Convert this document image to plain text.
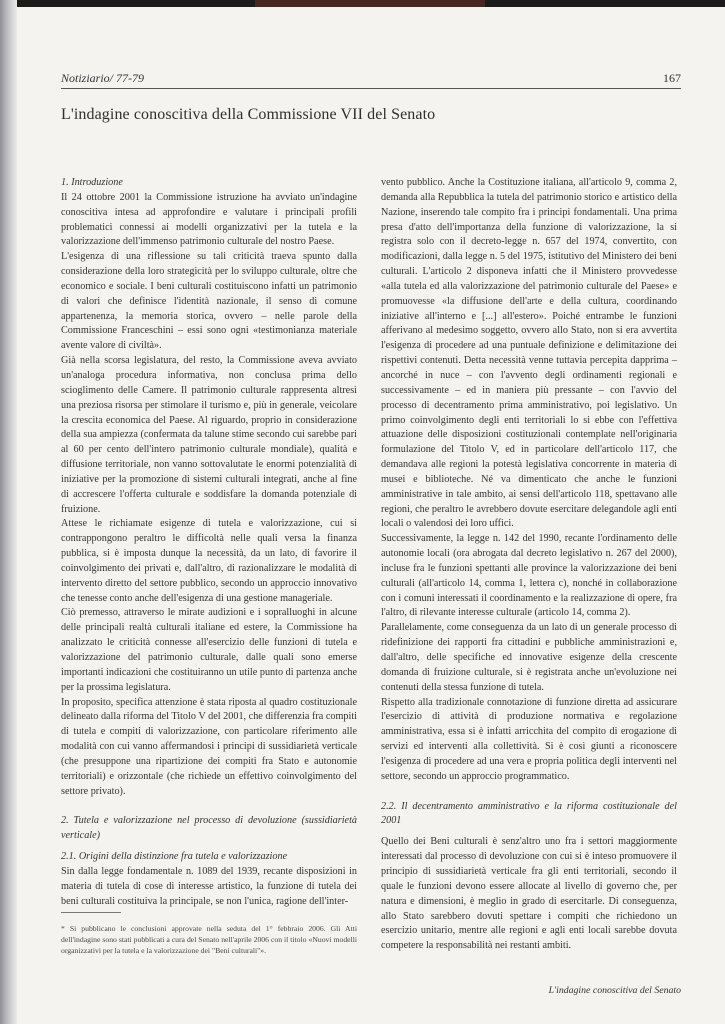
Notiziario/ 77-79	167
L'indagine conoscitiva della Commissione VII del Senato

1. Introduzione

Il 24 ottobre 2001 la Commissione istruzione ha avviato un'indagine conoscitiva intesa ad approfondire e valutare i principali profili problematici connessi ai modelli organizzativi per la tutela e la valorizzazione dell'immenso patrimonio culturale del nostro Paese.

L'esigenza di una riflessione su tali criticità traeva spunto dalla considerazione della loro strategicità per lo sviluppo culturale, oltre che economico e sociale. I beni culturali costituiscono infatti un patrimonio di valori che definisce l'identità nazionale, il senso di comune appartenenza, la memoria storica, ovvero – nelle parole della Commissione Franceschini – essi sono ogni «testimonianza materiale avente valore di civiltà».

Già nella scorsa legislatura, del resto, la Commissione aveva avviato un'analoga procedura informativa, non conclusa prima dello scioglimento delle Camere. Il patrimonio culturale rappresenta altresì una preziosa risorsa per stimolare il turismo e, più in generale, veicolare la crescita economica del Paese. Al riguardo, proprio in considerazione della sua ampiezza (confermata da talune stime secondo cui sarebbe pari al 60 per cento dell'intero patrimonio culturale mondiale), qualità e diffusione territoriale, non vanno sottovalutate le enormi potenzialità di iniziative per la promozione di sistemi culturali integrati, anche al fine di accrescere l'offerta culturale e soddisfare la domanda potenziale di fruizione.

Attese le richiamate esigenze di tutela e valorizzazione, cui si contrappongono peraltro le difficoltà nelle quali versa la finanza pubblica, si è imposta dunque la necessità, da un lato, di favorire il coinvolgimento dei privati e, dall'altro, di razionalizzare le modalità di intervento diretto del settore pubblico, secondo un approccio innovativo che tenesse conto anche dell'esigenza di una gestione manageriale.

Ciò premesso, attraverso le mirate audizioni e i sopralluoghi in alcune delle principali realtà culturali italiane ed estere, la Commissione ha analizzato le criticità connesse all'esercizio delle funzioni di tutela e valorizzazione del patrimonio culturale, dalle quali sono emerse importanti indicazioni che costituiranno un utile punto di partenza anche per la prossima legislatura.

In proposito, specifica attenzione è stata riposta al quadro costituzionale delineato dalla riforma del Titolo V del 2001, che differenzia fra compiti di tutela e compiti di valorizzazione, con particolare riferimento alle modalità con cui vanno affermandosi i principi di sussidiarietà verticale (che presuppone una ripartizione dei compiti fra Stato e autonomie territoriali) e orizzontale (che richiede un effettivo coinvolgimento del settore privato).

2. Tutela e valorizzazione nel processo di devoluzione (sussidiarietà verticale)

2.1. Origini della distinzione fra tutela e valorizzazione

Sin dalla legge fondamentale n. 1089 del 1939, recante disposizioni in materia di tutela di cose di interesse artistico, la funzione di tutela dei beni culturali costituiva la principale, se non l'unica, ragione dell'inter-

* Si pubblicano le conclusioni approvate nella seduta del 1° febbraio 2006. Gli Atti dell'indagine sono stati pubblicati a cura del Senato nell'aprile 2006 con il titolo «Nuovi modelli organizzativi per la tutela e la valorizzazione dei "Beni culturali"».

vento pubblico. Anche la Costituzione italiana, all'articolo 9, comma 2, demanda alla Repubblica la tutela del patrimonio storico e artistico della Nazione, inserendo tale compito fra i principi fondamentali. Una prima presa d'atto dell'importanza della funzione di valorizzazione, la si registra solo con il decreto-legge n. 657 del 1974, convertito, con modificazioni, dalla legge n. 5 del 1975, istitutivo del Ministero dei beni culturali. L'articolo 2 disponeva infatti che il Ministero provvedesse «alla tutela ed alla valorizzazione del patrimonio culturale del Paese» e promuovesse «la diffusione dell'arte e della cultura, coordinando iniziative all'interno e [...] all'estero». Poiché entrambe le funzioni afferivano al medesimo soggetto, ovvero allo Stato, non si era avvertita l'esigenza di procedere ad una puntuale definizione e delimitazione dei rispettivi contenuti. Detta necessità venne tuttavia percepita dapprima – ancorché in nuce – con l'avvento degli ordinamenti regionali e successivamente – ed in maniera più pressante – con l'avvio del processo di decentramento prima amministrativo, poi legislativo. Un primo coinvolgimento degli enti territoriali lo si ebbe con l'effettiva attuazione delle disposizioni costituzionali contemplate nell'originaria formulazione del Titolo V, ed in particolare dell'articolo 117, che demandava alle regioni la potestà legislativa concorrente in materia di musei e biblioteche. Né va dimenticato che anche le funzioni amministrative in tale ambito, ai sensi dell'articolo 118, spettavano alle regioni, che peraltro le avrebbero dovute esercitare delegandole agli enti locali o valendosi dei loro uffici.

Successivamente, la legge n. 142 del 1990, recante l'ordinamento delle autonomie locali (ora abrogata dal decreto legislativo n. 267 del 2000), incluse fra le funzioni spettanti alle province la valorizzazione dei beni culturali (all'articolo 14, comma 1, lettera c), nonché in collaborazione con i comuni interessati il coordinamento e la realizzazione di opere, fra l'altro, di rilevante interesse culturale (articolo 14, comma 2).

Parallelamente, come conseguenza da un lato di un generale processo di ridefinizione dei rapporti fra cittadini e pubbliche amministrazioni e, dall'altro, delle specifiche ed innovative esigenze della crescente domanda di fruizione culturale, si è registrata anche un'evoluzione nei contenuti della stessa funzione di tutela.

Rispetto alla tradizionale connotazione di funzione diretta ad assicurare l'esercizio di attività di produzione normativa e regolazione amministrativa, essa si è infatti arricchita del compito di erogazione di servizi ed interventi alla collettività. Si è così giunti a riconoscere l'esigenza di procedere ad una vera e propria politica degli interventi nel settore, secondo un approccio programmatico.

2.2. Il decentramento amministrativo e la riforma costituzionale del 2001

Quello dei Beni culturali è senz'altro uno fra i settori maggiormente interessati dal processo di devoluzione con cui si è inteso promuovere il principio di sussidiarietà verticale fra gli enti territoriali, secondo il quale le funzioni devono essere allocate al livello di governo che, per natura e dimensioni, è meglio in grado di esercitarle. Di conseguenza, allo Stato sarebbero dovuti spettare i compiti che richiedono un esercizio unitario, mentre alle regioni e agli enti locali sarebbe dovuta competere la responsabilità nei restanti ambiti.

L'indagine conoscitiva del Senato
